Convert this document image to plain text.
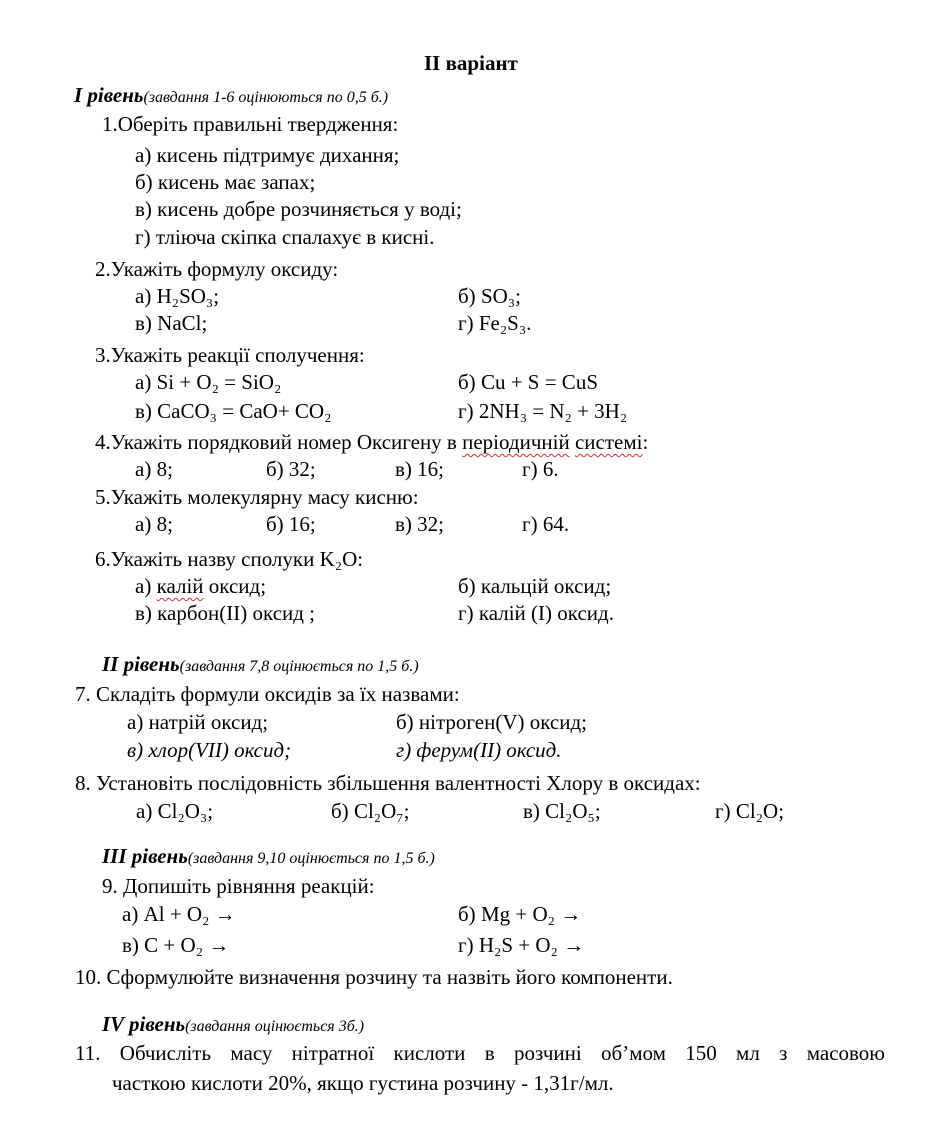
ІІ варіант
І рівень(завдання 1-6 оцінюються по 0,5 б.)
1.Оберіть правильні твердження:
а) кисень підтримує дихання;
б) кисень має запах;
в) кисень добре розчиняється у воді;
г) тліюча скіпка спалахує в кисні.
2.Укажіть формулу оксиду:
а) H₂SO₃;	б) SO₃;
в) NaCl;	г) Fe₂S₃.
3.Укажіть реакції сполучення:
а) Si + O₂ = SiO₂	б) Cu + S = CuS
в) CaCO₃ = CaO+ CO₂	г) 2NH₃ = N₂ + 3H₂
4.Укажіть порядковий номер Оксигену в періодичній системі:
а) 8;	б) 32;	в) 16;	г) 6.
5.Укажіть молекулярну масу кисню:
а) 8;	б) 16;	в) 32;	г) 64.
6.Укажіть назву сполуки K₂O:
а) калій оксид;	б) кальцій оксид;
в) карбон(ІІ) оксид ;	г) калій (І) оксид.
ІІ рівень(завдання 7,8 оцінюється по 1,5 б.)
7. Складіть формули оксидів за їх назвами:
а) натрій оксид;	б) нітроген(V) оксид;
в) хлор(VІІ) оксид;	г) ферум(ІІ) оксид.
8. Установіть послідовність збільшення валентності Хлору в оксидах:
а) Cl₂O₃;	б) Cl₂O₇;	в) Cl₂O₅;	г) Cl₂O;
ІІІ рівень(завдання 9,10 оцінюється по 1,5 б.)
9. Допишіть рівняння реакцій:
а) Al + O₂ →	б) Mg + O₂ →
в) C + O₂ →	г) H₂S + O₂ →
10. Сформулюйте визначення розчину та назвіть його компоненти.
ІV рівень(завдання оцінюється 3б.)
11. Обчисліть масу нітратної кислоти в розчині об’мом 150 мл з масовою
часткою кислоти 20%, якщо густина розчину - 1,31г/мл.
